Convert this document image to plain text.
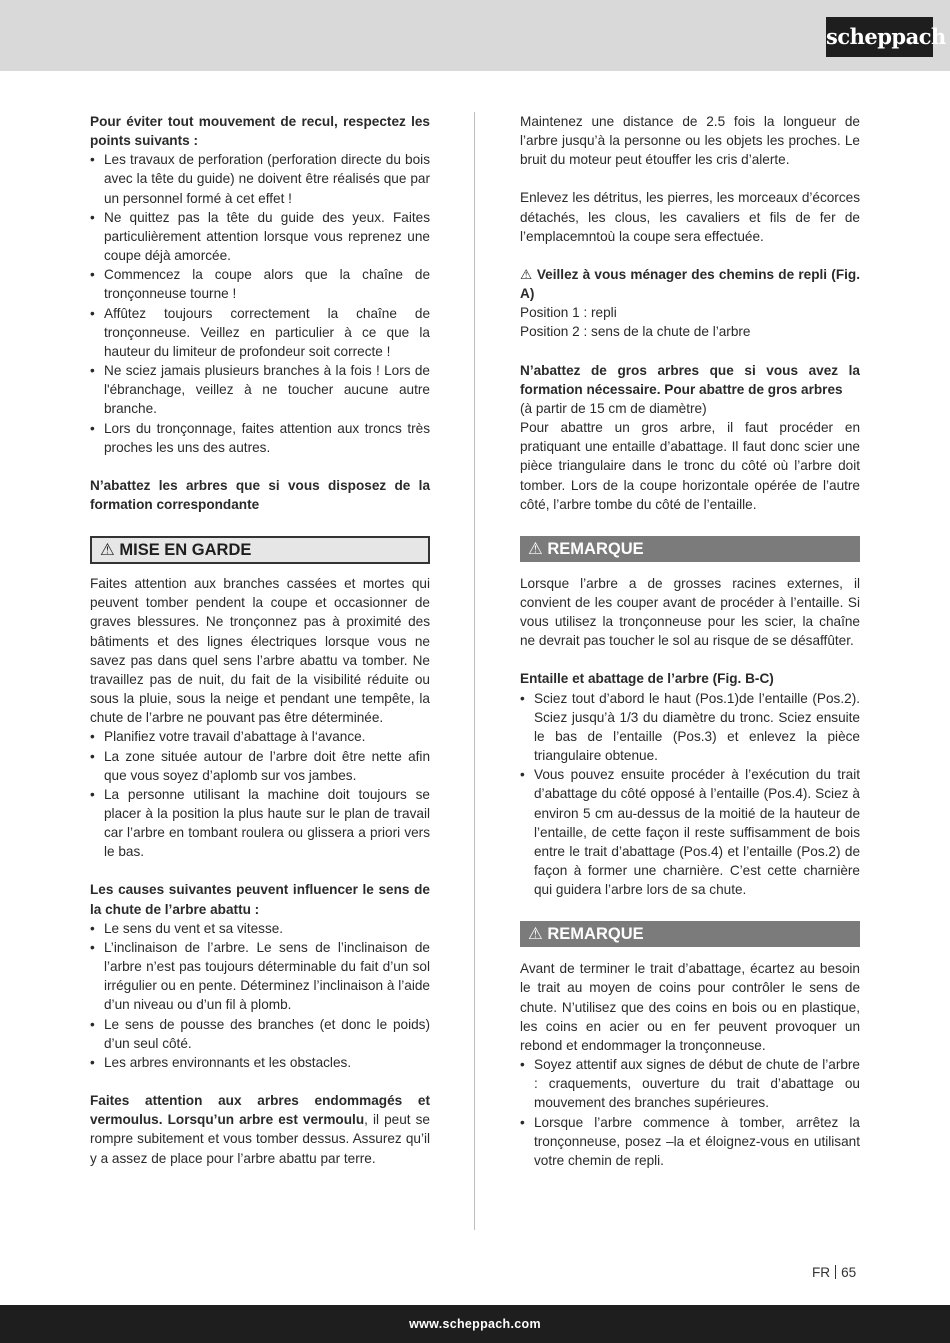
scheppach

Pour éviter tout mouvement de recul, respectez les points suivants :

• Les travaux de perforation (perforation directe du bois avec la tête du guide) ne doivent être réalisés que par un personnel formé à cet effet !
• Ne quittez pas la tête du guide des yeux. Faites particulièrement attention lorsque vous reprenez une coupe déjà amorcée.
• Commencez la coupe alors que la chaîne de tronçonneuse tourne !
• Affûtez toujours correctement la chaîne de tronçonneuse. Veillez en particulier à ce que la hauteur du limiteur de profondeur soit correcte !
• Ne sciez jamais plusieurs branches à la fois ! Lors de l'ébranchage, veillez à ne toucher aucune autre branche.
• Lors du tronçonnage, faites attention aux troncs très proches les uns des autres.

N’abattez les arbres que si vous disposez de la formation correspondante

⚠ MISE EN GARDE

Faites attention aux branches cassées et mortes qui peuvent tomber pendent la coupe et occasionner de graves blessures. Ne tronçonnez pas à proximité des bâtiments et des lignes électriques lorsque vous ne savez pas dans quel sens l’arbre abattu va tomber. Ne travaillez pas de nuit, du fait de la visibilité réduite ou sous la pluie, sous la neige et pendant une tempête, la chute de l’arbre ne pouvant pas être déterminée.

• Planifiez votre travail d’abattage à l‘avance.
• La zone située autour de l’arbre doit être nette afin que vous soyez d’aplomb sur vos jambes.
• La personne utilisant la machine doit toujours se placer à la position la plus haute sur le plan de travail car l’arbre en tombant roulera ou glissera a priori vers le bas.

Les causes suivantes peuvent influencer le sens de la chute de l’arbre abattu :

• Le sens du vent et sa vitesse.
• L’inclinaison de l’arbre. Le sens de l’inclinaison de l’arbre n’est pas toujours déterminable du fait d’un sol irrégulier ou en pente. Déterminez l’inclinaison à l’aide d’un niveau ou d’un fil à plomb.
• Le sens de pousse des branches (et donc le poids) d’un seul côté.
• Les arbres environnants et les obstacles.

Faites attention aux arbres endommagés et vermoulus. Lorsqu’un arbre est vermoulu, il peut se rompre subitement et vous tomber dessus. Assurez qu’il y a assez de place pour l’arbre abattu par terre.

Maintenez une distance de 2.5 fois la longueur de l’arbre jusqu’à la personne ou les objets les proches. Le bruit du moteur peut étouffer les cris d’alerte.

Enlevez les détritus, les pierres, les morceaux d’écorces détachés, les clous, les cavaliers et fils de fer de l’emplacemntoù la coupe sera effectuée.

⚠ Veillez à vous ménager des chemins de repli (Fig. A)

Position 1 : repli

Position 2 : sens de la chute de l’arbre

N’abattez de gros arbres que si vous avez la formation nécessaire. Pour abattre de gros arbres

(à partir de 15 cm de diamètre)

Pour abattre un gros arbre, il faut procéder en pratiquant une entaille d’abattage. Il faut donc scier une pièce triangulaire dans le tronc du côté où l’arbre doit tomber. Lors de la coupe horizontale opérée de l’autre côté, l’arbre tombe du côté de l’entaille.

⚠ REMARQUE

Lorsque l’arbre a de grosses racines externes, il convient de les couper avant de procéder à l’entaille. Si vous utilisez la tronçonneuse pour les scier, la chaîne ne devrait pas toucher le sol au risque de se désaffûter.

Entaille et abattage de l’arbre (Fig. B-C)

• Sciez tout d’abord le haut (Pos.1)de l’entaille (Pos.2). Sciez jusqu’à 1/3 du diamètre du tronc. Sciez ensuite le bas de l’entaille (Pos.3) et enlevez la pièce triangulaire obtenue.
• Vous pouvez ensuite procéder à l’exécution du trait d’abattage du côté opposé à l’entaille (Pos.4). Sciez à environ 5 cm au-dessus de la moitié de la hauteur de l’entaille, de cette façon il reste suffisamment de bois entre le trait d’abattage (Pos.4) et l’entaille (Pos.2) de façon à former une charnière. C’est cette charnière qui guidera l’arbre lors de sa chute.
⚠ REMARQUE

Avant de terminer le trait d’abattage, écartez au besoin le trait au moyen de coins pour contrôler le sens de chute. N’utilisez que des coins en bois ou en plastique, les coins en acier ou en fer peuvent provoquer un rebond et endommager la tronçonneuse.

• Soyez attentif aux signes de début de chute de l’arbre : craquements, ouverture du trait d’abattage ou mouvement des branches supérieures.
• Lorsque l’arbre commence à tomber, arrêtez la tronçonneuse, posez –la et éloignez-vous en utilisant votre chemin de repli.
FR 65
www.scheppach.com
